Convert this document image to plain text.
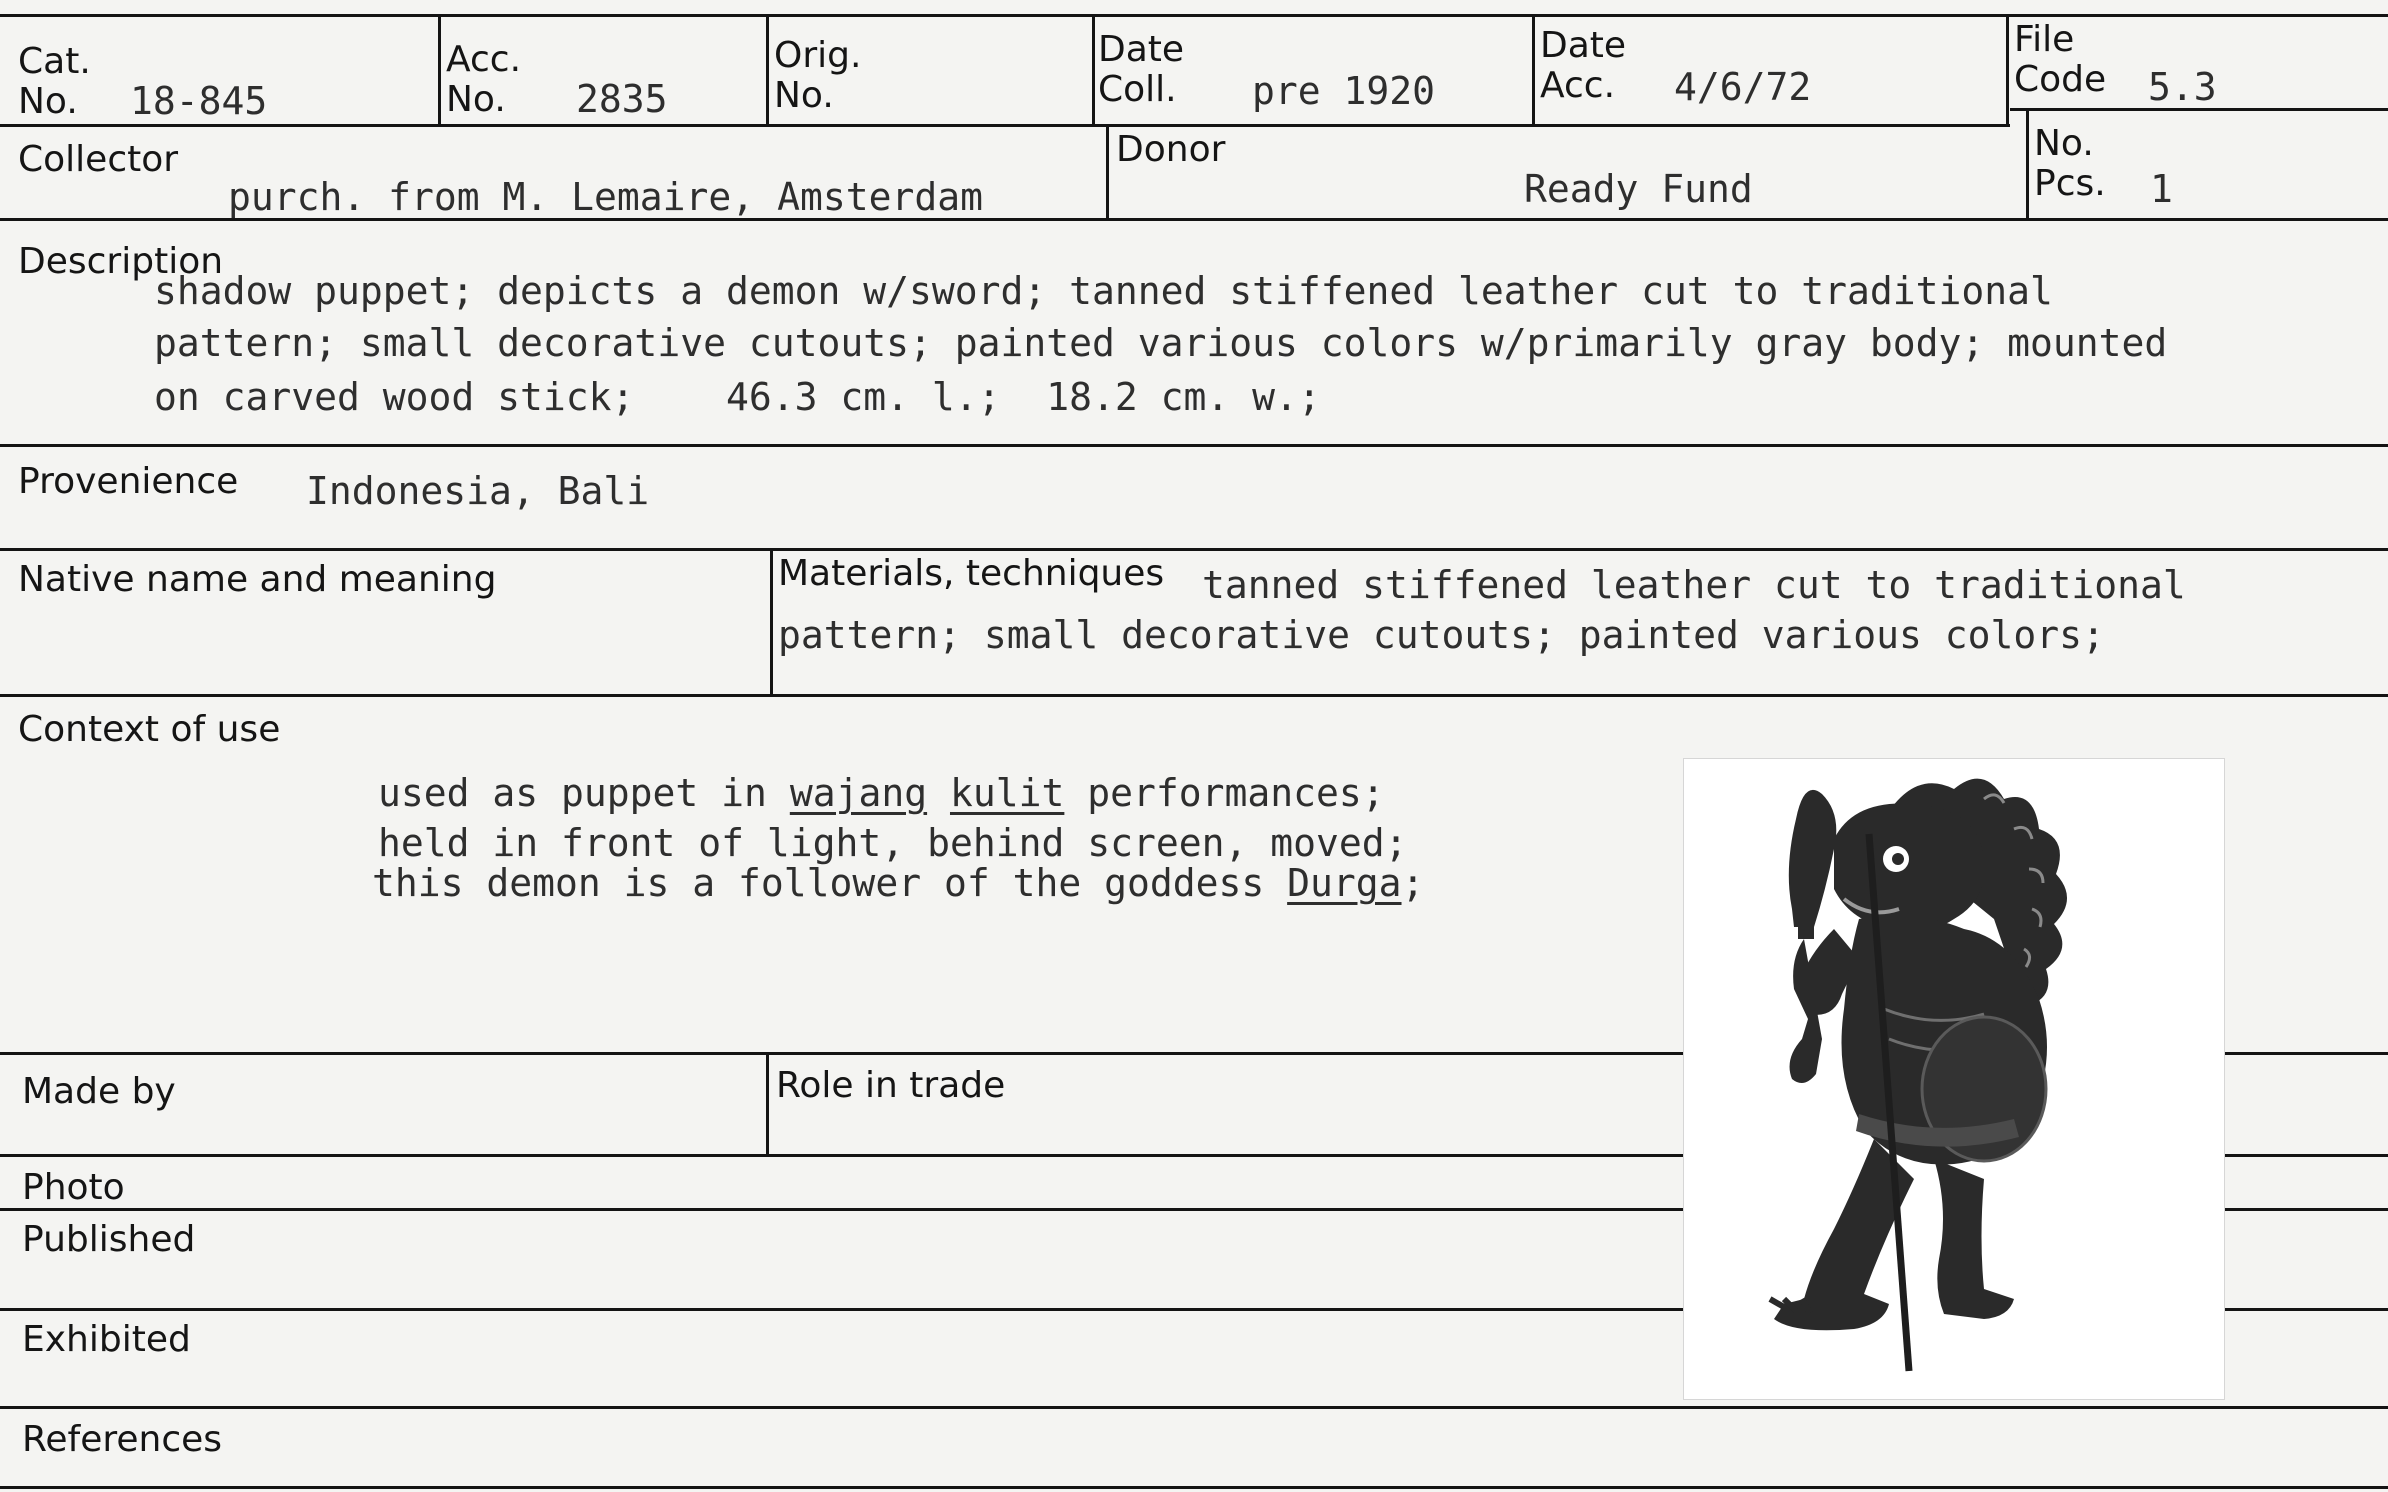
Cat.
No. 18-845
Acc.
No. 2835
Orig.
No.
Date
Coll. pre 1920
Date
Acc. 4/6/72
File
Code 5.3
Collector
purch. from M. Lemaire, Amsterdam
Donor
Ready Fund
No.
Pcs. 1
Description
shadow puppet; depicts a demon w/sword; tanned stiffened leather cut to traditional
pattern; small decorative cutouts; painted various colors w/primarily gray body; mounted
on carved wood stick;    46.3 cm. l.;  18.2 cm. w.;
Provenience Indonesia, Bali
Native name and meaning	Materials, techniques tanned stiffened leather cut to traditional
pattern; small decorative cutouts; painted various colors;
Context of use
used as puppet in wajang kulit performances;
held in front of light, behind screen, moved;
this demon is a follower of the goddess Durga;
Made by	Role in trade
Photo
Published
Exhibited
References
